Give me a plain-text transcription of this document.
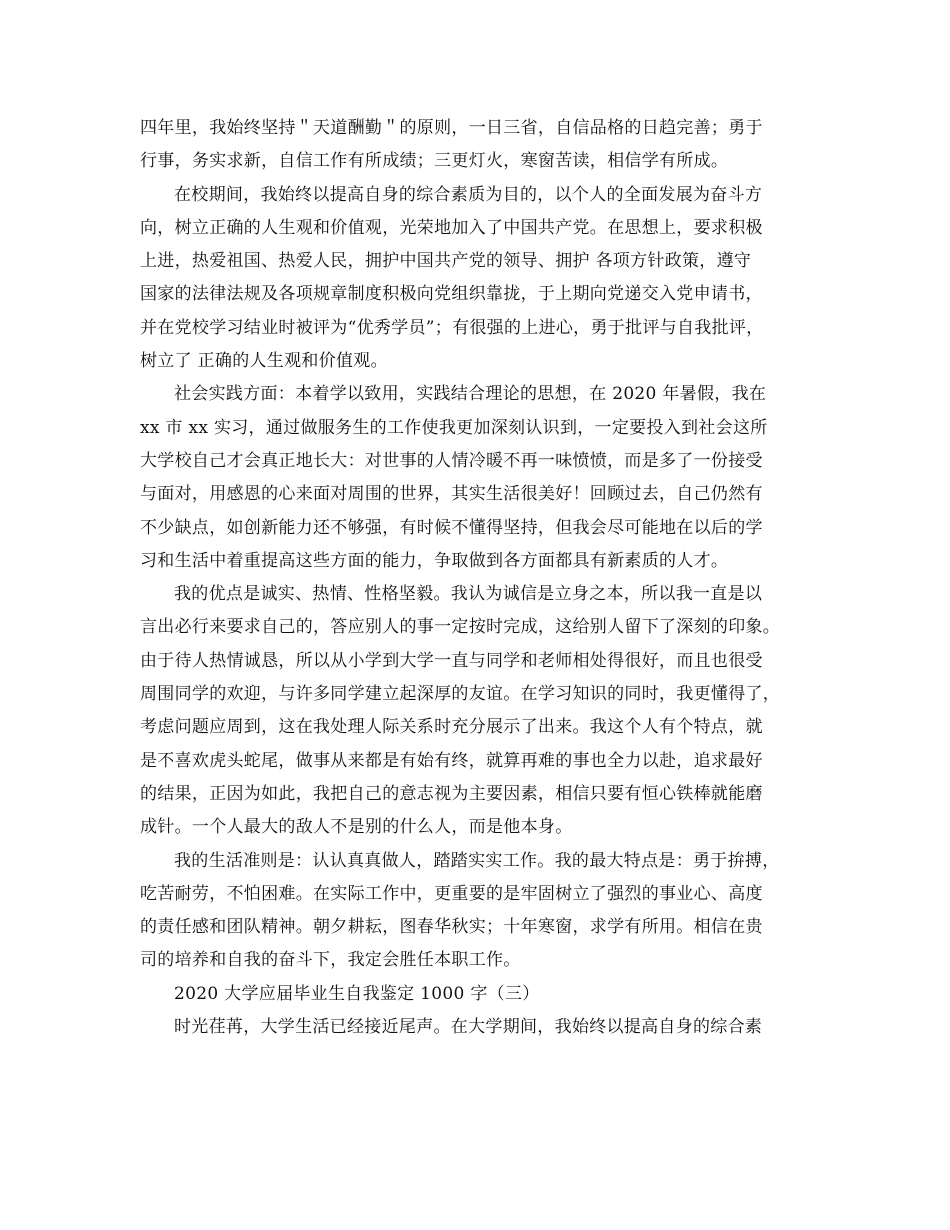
四年里，我始终坚持＂天道酬勤＂的原则，一日三省，自信品格的日趋完善；勇于
行事，务实求新，自信工作有所成绩；三更灯火，寒窗苦读，相信学有所成。
在校期间，我始终以提高自身的综合素质为目的，以个人的全面发展为奋斗方
向，树立正确的人生观和价值观，光荣地加入了中国共产党。在思想上，要求积极
上进，热爱祖国、热爱人民，拥护中国共产党的领导、拥护 各项方针政策，遵守
国家的法律法规及各项规章制度积极向党组织靠拢，于上期向党递交入党申请书，
并在党校学习结业时被评为“优秀学员”；有很强的上进心，勇于批评与自我批评，
树立了 正确的人生观和价值观。
社会实践方面：本着学以致用，实践结合理论的思想，在 2020 年暑假，我在
xx 市 xx 实习，通过做服务生的工作使我更加深刻认识到，一定要投入到社会这所
大学校自己才会真正地长大：对世事的人情冷暖不再一味愤愤，而是多了一份接受
与面对，用感恩的心来面对周围的世界，其实生活很美好！回顾过去，自己仍然有
不少缺点，如创新能力还不够强，有时候不懂得坚持，但我会尽可能地在以后的学
习和生活中着重提高这些方面的能力，争取做到各方面都具有新素质的人才。
我的优点是诚实、热情、性格坚毅。我认为诚信是立身之本，所以我一直是以
言出必行来要求自己的，答应别人的事一定按时完成，这给别人留下了深刻的印象。
由于待人热情诚恳，所以从小学到大学一直与同学和老师相处得很好，而且也很受
周围同学的欢迎，与许多同学建立起深厚的友谊。在学习知识的同时，我更懂得了，
考虑问题应周到，这在我处理人际关系时充分展示了出来。我这个人有个特点，就
是不喜欢虎头蛇尾，做事从来都是有始有终，就算再难的事也全力以赴，追求最好
的结果，正因为如此，我把自己的意志视为主要因素，相信只要有恒心铁棒就能磨
成针。一个人最大的敌人不是别的什么人，而是他本身。
我的生活准则是：认认真真做人，踏踏实实工作。我的最大特点是：勇于拚搏，
吃苦耐劳，不怕困难。在实际工作中，更重要的是牢固树立了强烈的事业心、高度
的责任感和团队精神。朝夕耕耘，图春华秋实；十年寒窗，求学有所用。相信在贵
司的培养和自我的奋斗下，我定会胜任本职工作。
2020 大学应届毕业生自我鉴定 1000 字（三）
时光荏苒，大学生活已经接近尾声。在大学期间，我始终以提高自身的综合素
